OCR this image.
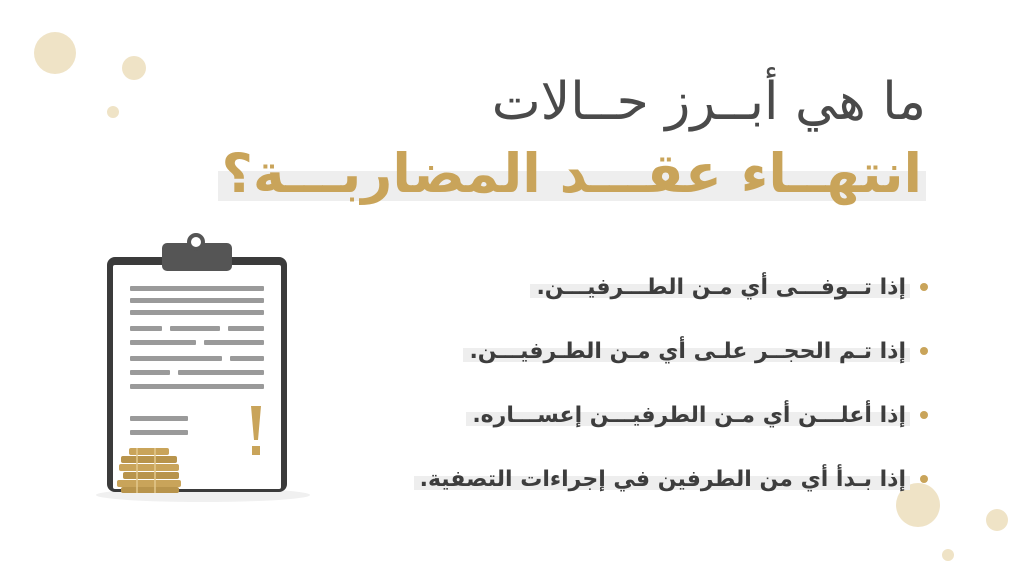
ما هي أبــرز حــالات
انتهــاء عقـــد المضاربـــة؟
إذا تــوفـــى أي مـن الطـــرفيـــن.
إذا تـم الحجــر علـى أي مـن الطـرفيـــن.
إذا أعلـــن أي مـن الطرفيـــن إعســـاره.
إذا بـدأ أي من الطرفين في إجراءات التصفية.
